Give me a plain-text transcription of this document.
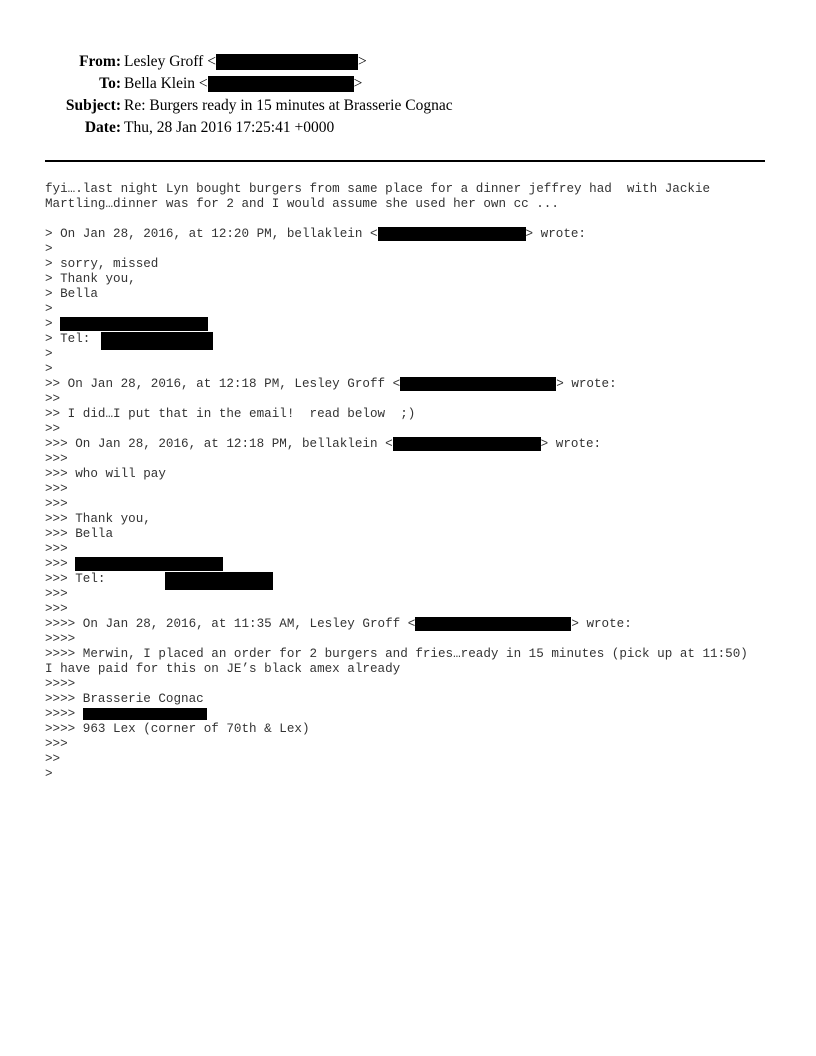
From: Lesley Groff <	>
To: Bella Klein <	>
Subject: Re: Burgers ready in 15 minutes at Brasserie Cognac
Date: Thu, 28 Jan 2016 17:25:41 +0000
fyi….last night Lyn bought burgers from same place for a dinner jeffrey had  with Jackie
Martling…dinner was for 2 and I would assume she used her own cc ...
> On Jan 28, 2016, at 12:20 PM, bellaklein <	> wrote:
>
> sorry, missed
> Thank you,
> Bella
>
>
> Tel:
>
>
>> On Jan 28, 2016, at 12:18 PM, Lesley Groff <	> wrote:
>>
>> I did…I put that in the email!  read below  ;)
>>
>>> On Jan 28, 2016, at 12:18 PM, bellaklein <	> wrote:
>>>
>>> who will pay
>>>
>>>
>>> Thank you,
>>> Bella
>>>
>>>
>>> Tel:
>>>
>>>
>>>> On Jan 28, 2016, at 11:35 AM, Lesley Groff <	> wrote:
>>>>
>>>> Merwin, I placed an order for 2 burgers and fries…ready in 15 minutes (pick up at 11:50)
I have paid for this on JE’s black amex already
>>>>
>>>> Brasserie Cognac
>>>>
>>>> 963 Lex (corner of 70th & Lex)
>>>
>>
>
